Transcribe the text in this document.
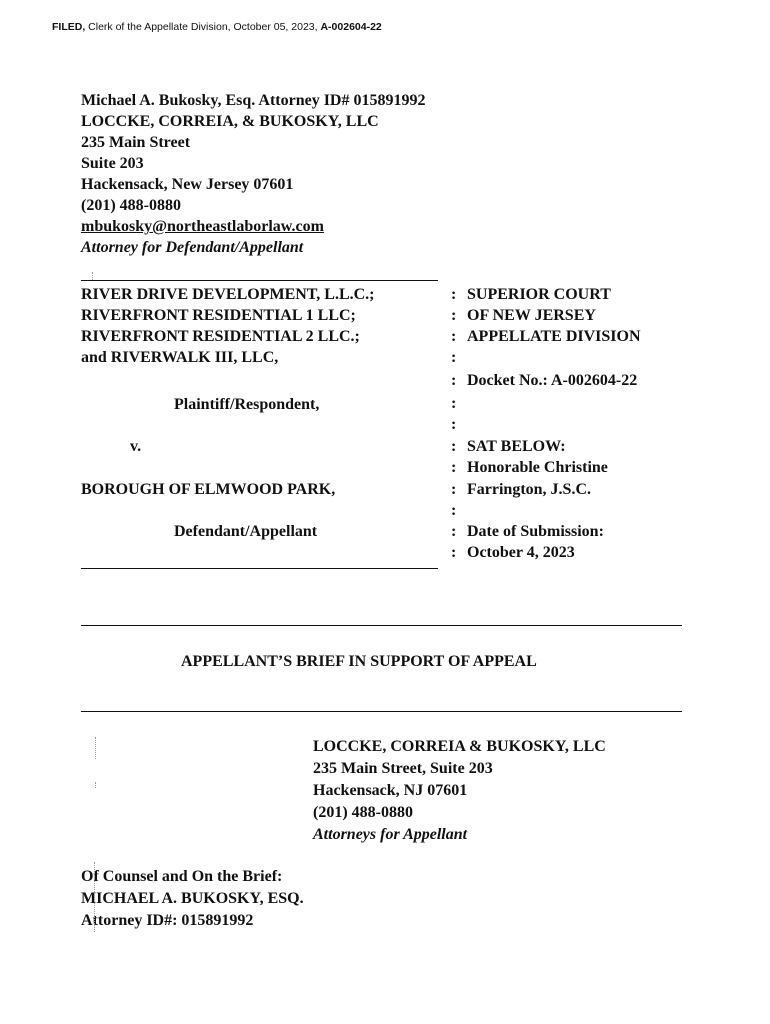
FILED, Clerk of the Appellate Division, October 05, 2023, A-002604-22
Michael A. Bukosky, Esq. Attorney ID# 015891992
LOCCKE, CORREIA, & BUKOSKY, LLC
235 Main Street
Suite 203
Hackensack, New Jersey 07601
(201) 488-0880
mbukosky@northeastlaborlaw.com
Attorney for Defendant/Appellant
RIVER DRIVE DEVELOPMENT, L.L.C.;
RIVERFRONT RESIDENTIAL 1 LLC;
RIVERFRONT RESIDENTIAL 2 LLC.;
and RIVERWALK III, LLC,
Plaintiff/Respondent,
v.
BOROUGH OF ELMWOOD PARK,
Defendant/Appellant
:
:
:
:
:
:
:
:
:
:
:
:
:
SUPERIOR COURT
OF NEW JERSEY
APPELLATE DIVISION
Docket No.: A-002604-22
SAT BELOW:
Honorable Christine
Farrington, J.S.C.
Date of Submission:
October 4, 2023
APPELLANT’S BRIEF IN SUPPORT OF APPEAL
LOCCKE, CORREIA & BUKOSKY, LLC
235 Main Street, Suite 203
Hackensack, NJ 07601
(201) 488-0880
Attorneys for Appellant
Of Counsel and On the Brief:
MICHAEL A. BUKOSKY, ESQ.
Attorney ID#: 015891992
